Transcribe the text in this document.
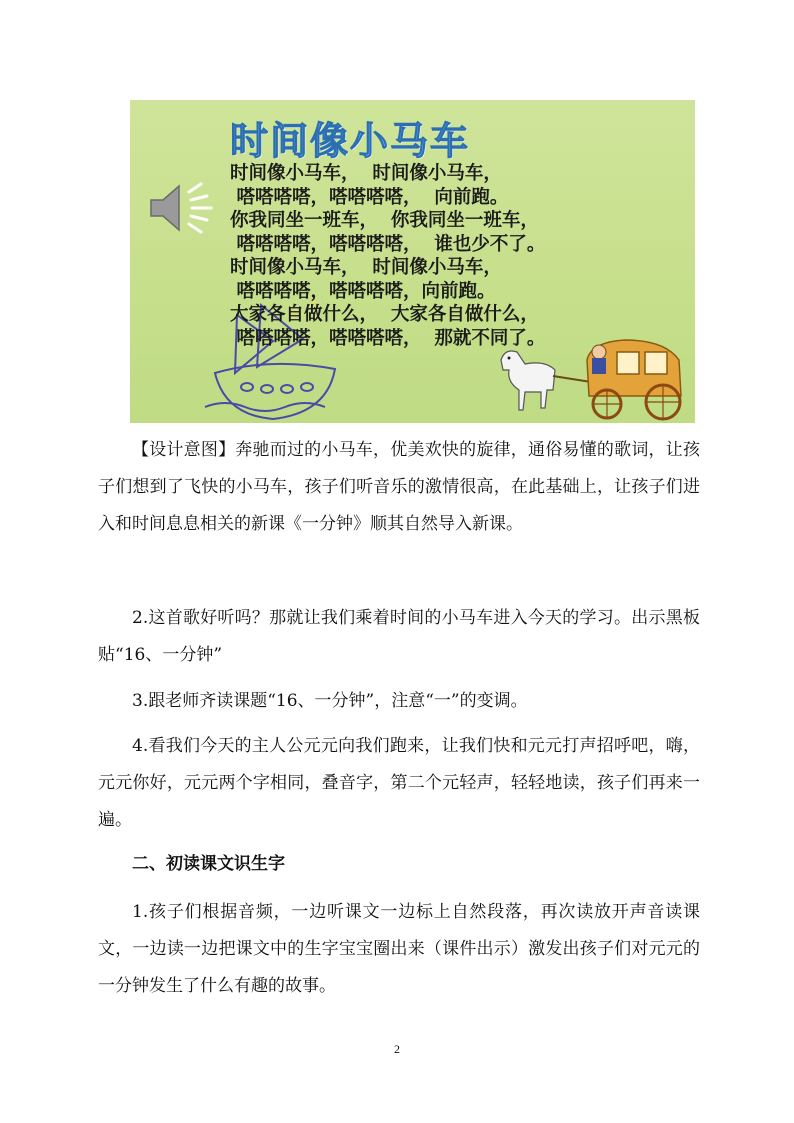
时间像小马车
时间像小马车，  时间像小马车，
嗒嗒嗒嗒，嗒嗒嗒嗒，  向前跑。
你我同坐一班车，  你我同坐一班车，
嗒嗒嗒嗒，嗒嗒嗒嗒，  谁也少不了。
时间像小马车，  时间像小马车，
嗒嗒嗒嗒，嗒嗒嗒嗒，向前跑。
大家各自做什么，  大家各自做什么，
嗒嗒嗒嗒，嗒嗒嗒嗒，  那就不同了。

【设计意图】奔驰而过的小马车，优美欢快的旋律，通俗易懂的歌词，让孩子们想到了飞快的小马车，孩子们听音乐的激情很高，在此基础上，让孩子们进入和时间息息相关的新课《一分钟》顺其自然导入新课。

2.这首歌好听吗？那就让我们乘着时间的小马车进入今天的学习。出示黑板贴“16、一分钟”

3.跟老师齐读课题“16、一分钟”，注意“一”的变调。

4.看我们今天的主人公元元向我们跑来，让我们快和元元打声招呼吧，嗨，元元你好，元元两个字相同，叠音字，第二个元轻声，轻轻地读，孩子们再来一遍。

二、初读课文识生字

1.孩子们根据音频，一边听课文一边标上自然段落，再次读放开声音读课文，一边读一边把课文中的生字宝宝圈出来（课件出示）激发出孩子们对元元的一分钟发生了什么有趣的故事。

2
